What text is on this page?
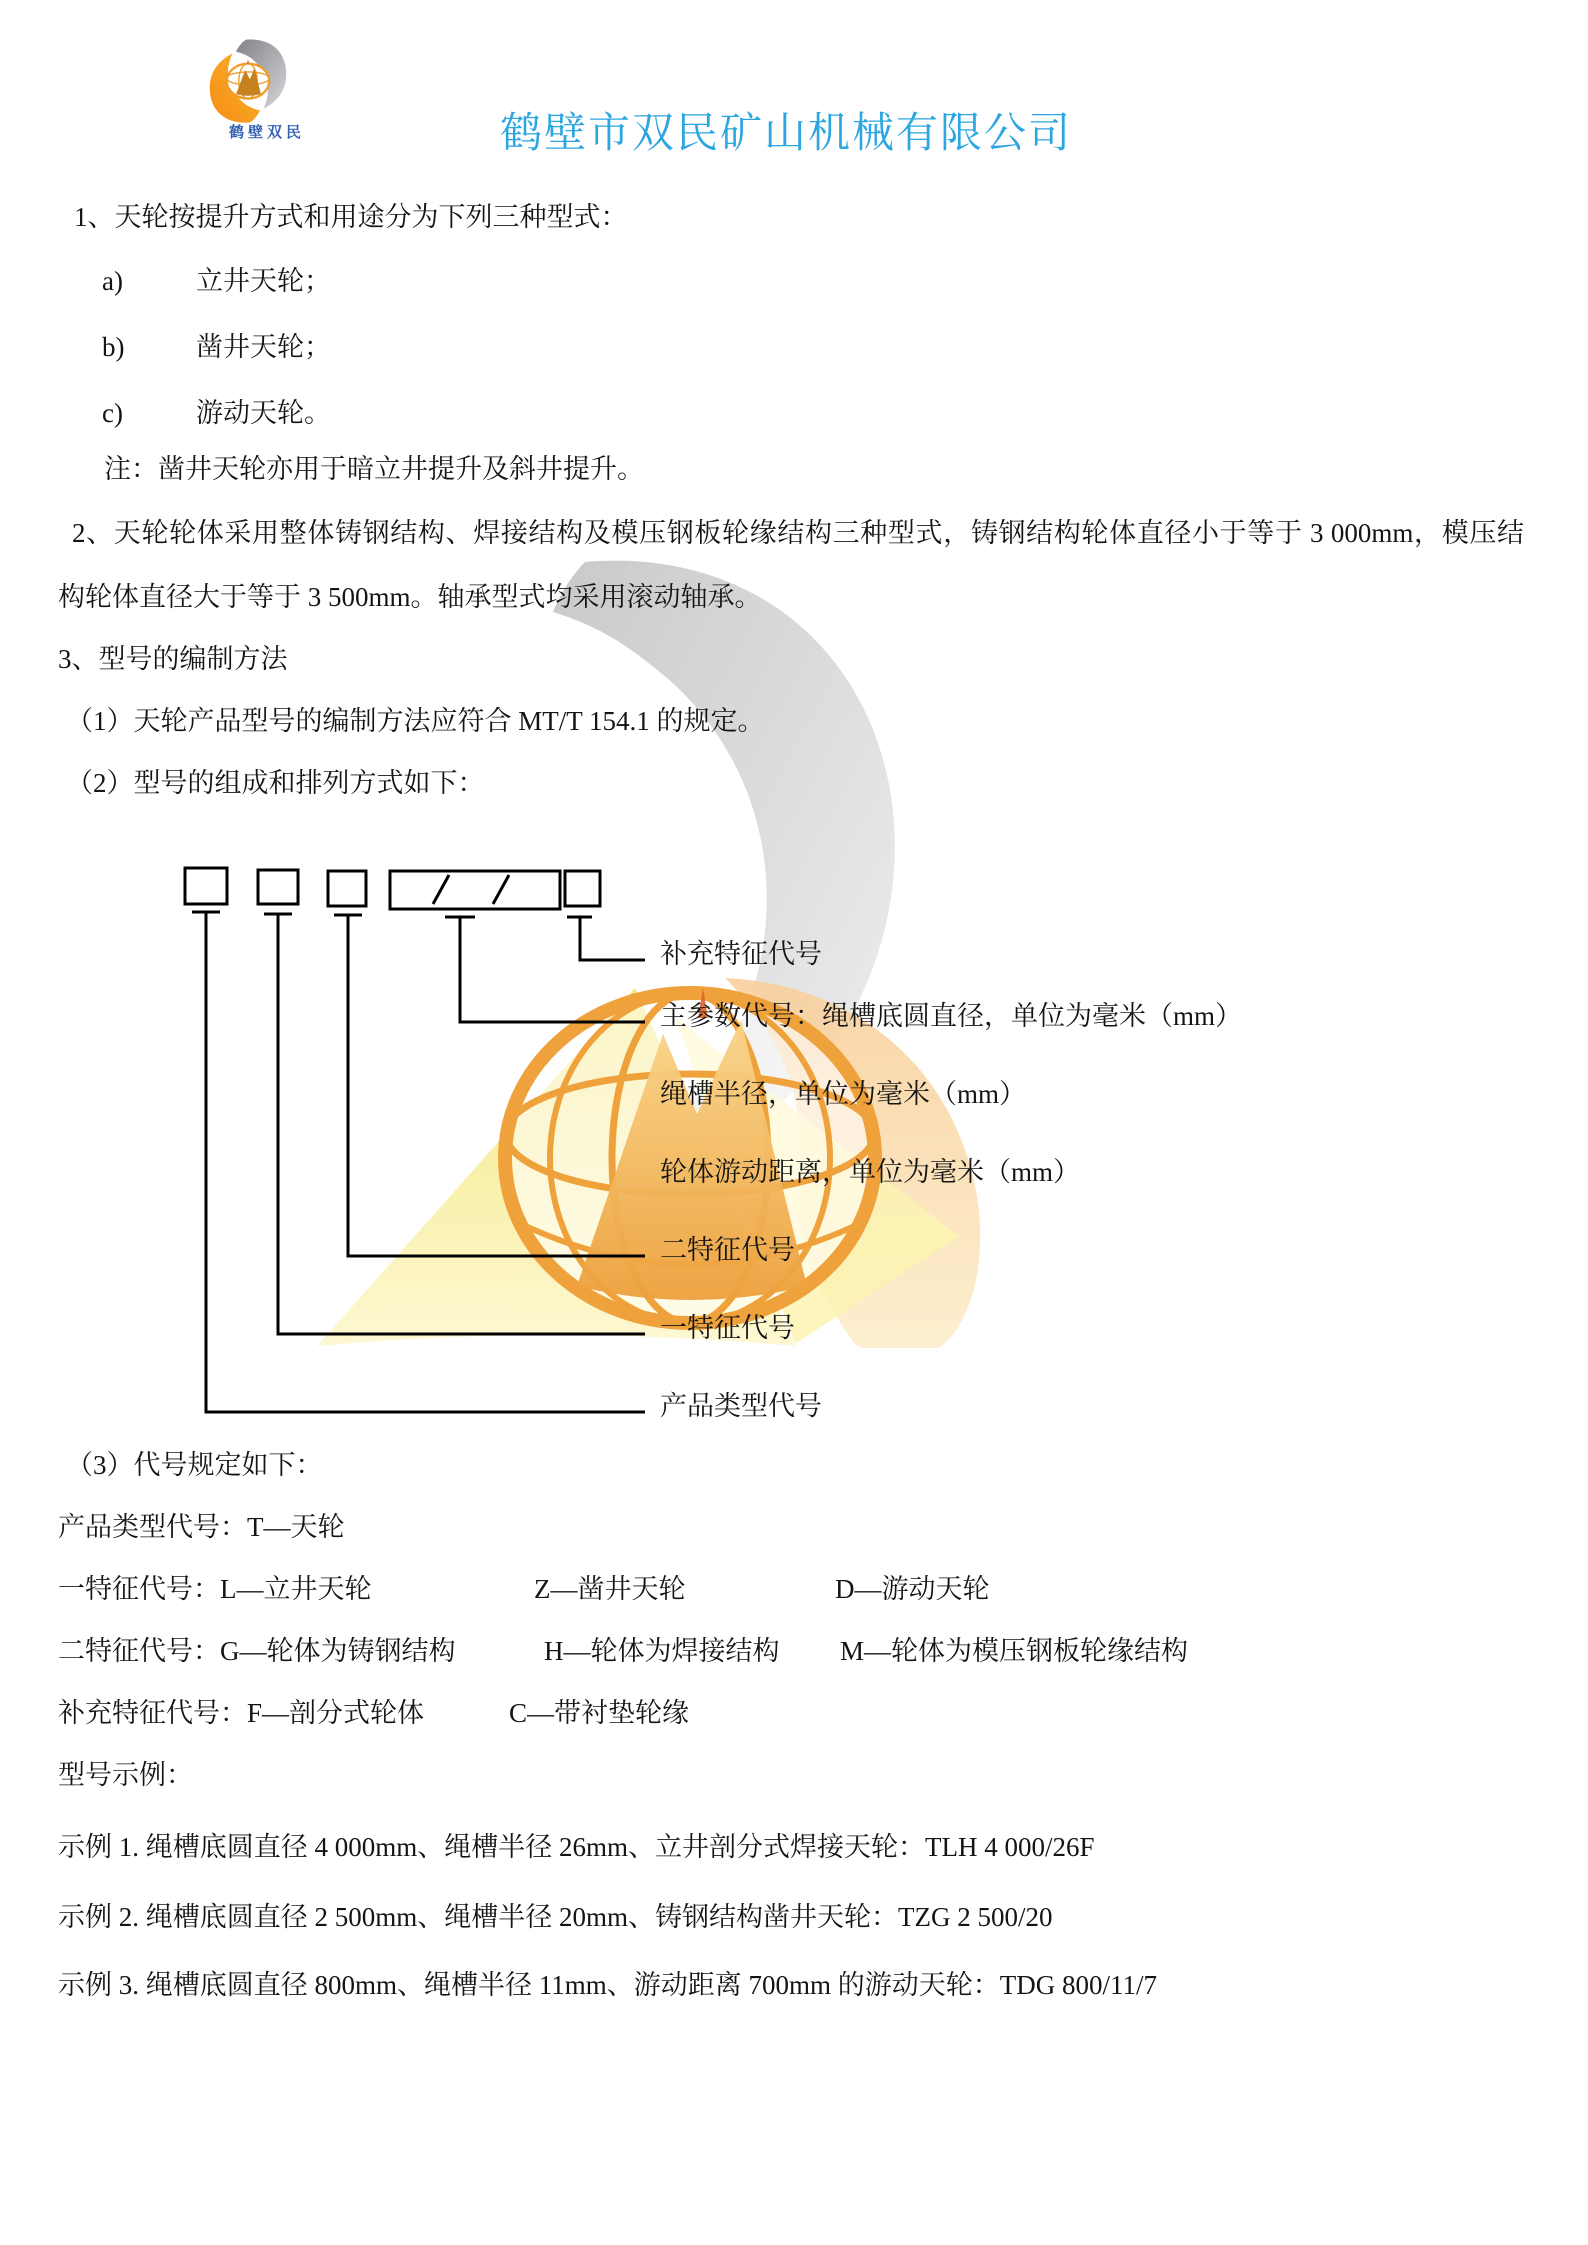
鹤壁双民	鹤壁市双民矿山机械有限公司
1、天轮按提升方式和用途分为下列三种型式：
a)	立井天轮；
b)	凿井天轮；
c)	游动天轮。
注：凿井天轮亦用于暗立井提升及斜井提升。
2、天轮轮体采用整体铸钢结构、焊接结构及模压钢板轮缘结构三种型式，铸钢结构轮体直径小于等于 3 000mm，模压结
构轮体直径大于等于 3 500mm。轴承型式均采用滚动轴承。
3、型号的编制方法
（1）天轮产品型号的编制方法应符合 MT/T 154.1 的规定。
（2）型号的组成和排列方式如下：
补充特征代号
主参数代号：绳槽底圆直径，单位为毫米（mm）
绳槽半径，单位为毫米（mm）
轮体游动距离，单位为毫米（mm）
二特征代号
一特征代号
产品类型代号
（3）代号规定如下：
产品类型代号：T—天轮
一特征代号：L—立井天轮	Z—凿井天轮	D—游动天轮
二特征代号：G—轮体为铸钢结构	H—轮体为焊接结构 M—轮体为模压钢板轮缘结构
补充特征代号：F—剖分式轮体	C—带衬垫轮缘
型号示例：
示例 1. 绳槽底圆直径 4 000mm、绳槽半径 26mm、立井剖分式焊接天轮：TLH 4 000/26F
示例 2. 绳槽底圆直径 2 500mm、绳槽半径 20mm、铸钢结构凿井天轮：TZG 2 500/20
示例 3. 绳槽底圆直径 800mm、绳槽半径 11mm、游动距离 700mm 的游动天轮：TDG 800/11/7
